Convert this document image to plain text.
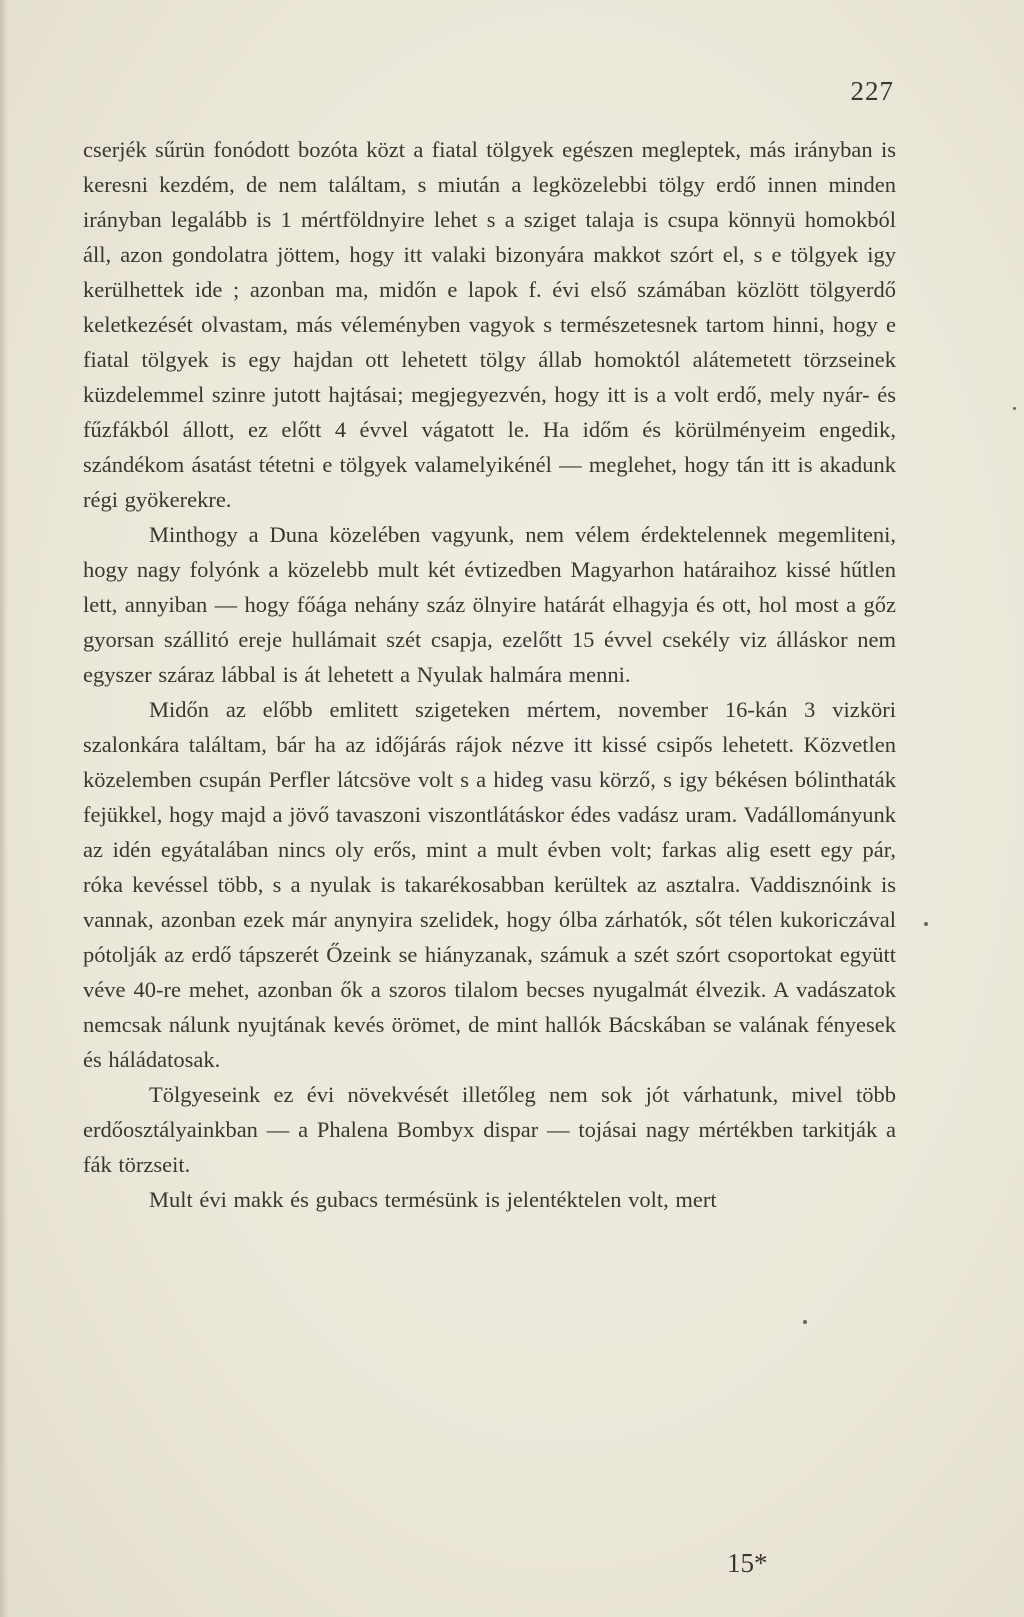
227

cserjék sűrün fonódott bozóta közt a fiatal tölgyek egészen megleptek, más irányban is keresni kezdém, de nem találtam, s miután a legközelebbi tölgy erdő innen minden irányban legalább is 1 mértföldnyire lehet s a sziget talaja is csupa könnyü homokból áll, azon gondolatra jöttem, hogy itt valaki bizonyára makkot szórt el, s e tölgyek igy kerülhettek ide ; azonban ma, midőn e lapok f. évi első számában közlött tölgyerdő keletkezését olvastam, más véleményben vagyok s természetesnek tartom hinni, hogy e fiatal tölgyek is egy hajdan ott lehetett tölgy állab homoktól alátemetett törzseinek küzdelemmel szinre jutott hajtásai; megjegyezvén, hogy itt is a volt erdő, mely nyár- és fűzfákból állott, ez előtt 4 évvel vágatott le. Ha időm és körülményeim engedik, szándékom ásatást tétetni e tölgyek valamelyikénél — meglehet, hogy tán itt is akadunk régi gyökerekre.

Minthogy a Duna közelében vagyunk, nem vélem érdektelennek megemliteni, hogy nagy folyónk a közelebb mult két évtizedben Magyarhon határaihoz kissé hűtlen lett, annyiban — hogy főága nehány száz ölnyire határát elhagyja és ott, hol most a gőz gyorsan szállitó ereje hullámait szét csapja, ezelőtt 15 évvel csekély viz álláskor nem egyszer száraz lábbal is át lehetett a Nyulak halmára menni.

Midőn az előbb emlitett szigeteken mértem, november 16-kán 3 vizköri szalonkára találtam, bár ha az időjárás rájok nézve itt kissé csipős lehetett. Közvetlen közelemben csupán Perfler látcsöve volt s a hideg vasu körző, s igy békésen bólinthaták fejükkel, hogy majd a jövő tavaszoni viszontlátáskor édes vadász uram. Vadállományunk az idén egyátalában nincs oly erős, mint a mult évben volt; farkas alig esett egy pár, róka kevéssel több, s a nyulak is takarékosabban kerültek az asztalra. Vaddisznóink is vannak, azonban ezek már anynyira szelidek, hogy ólba zárhatók, sőt télen kukoriczával pótolják az erdő tápszerét Őzeink se hiányzanak, számuk a szét szórt csoportokat együtt véve 40-re mehet, azonban ők a szoros tilalom becses nyugalmát élvezik. A vadászatok nemcsak nálunk nyujtának kevés örömet, de mint hallók Bácskában se valának fényesek és háládatosak.

Tölgyeseink ez évi növekvését illetőleg nem sok jót várhatunk, mivel több erdőosztályainkban — a Phalena Bombyx dispar — tojásai nagy mértékben tarkitják a fák törzseit.

Mult évi makk és gubacs termésünk is jelentéktelen volt, mert

15*
